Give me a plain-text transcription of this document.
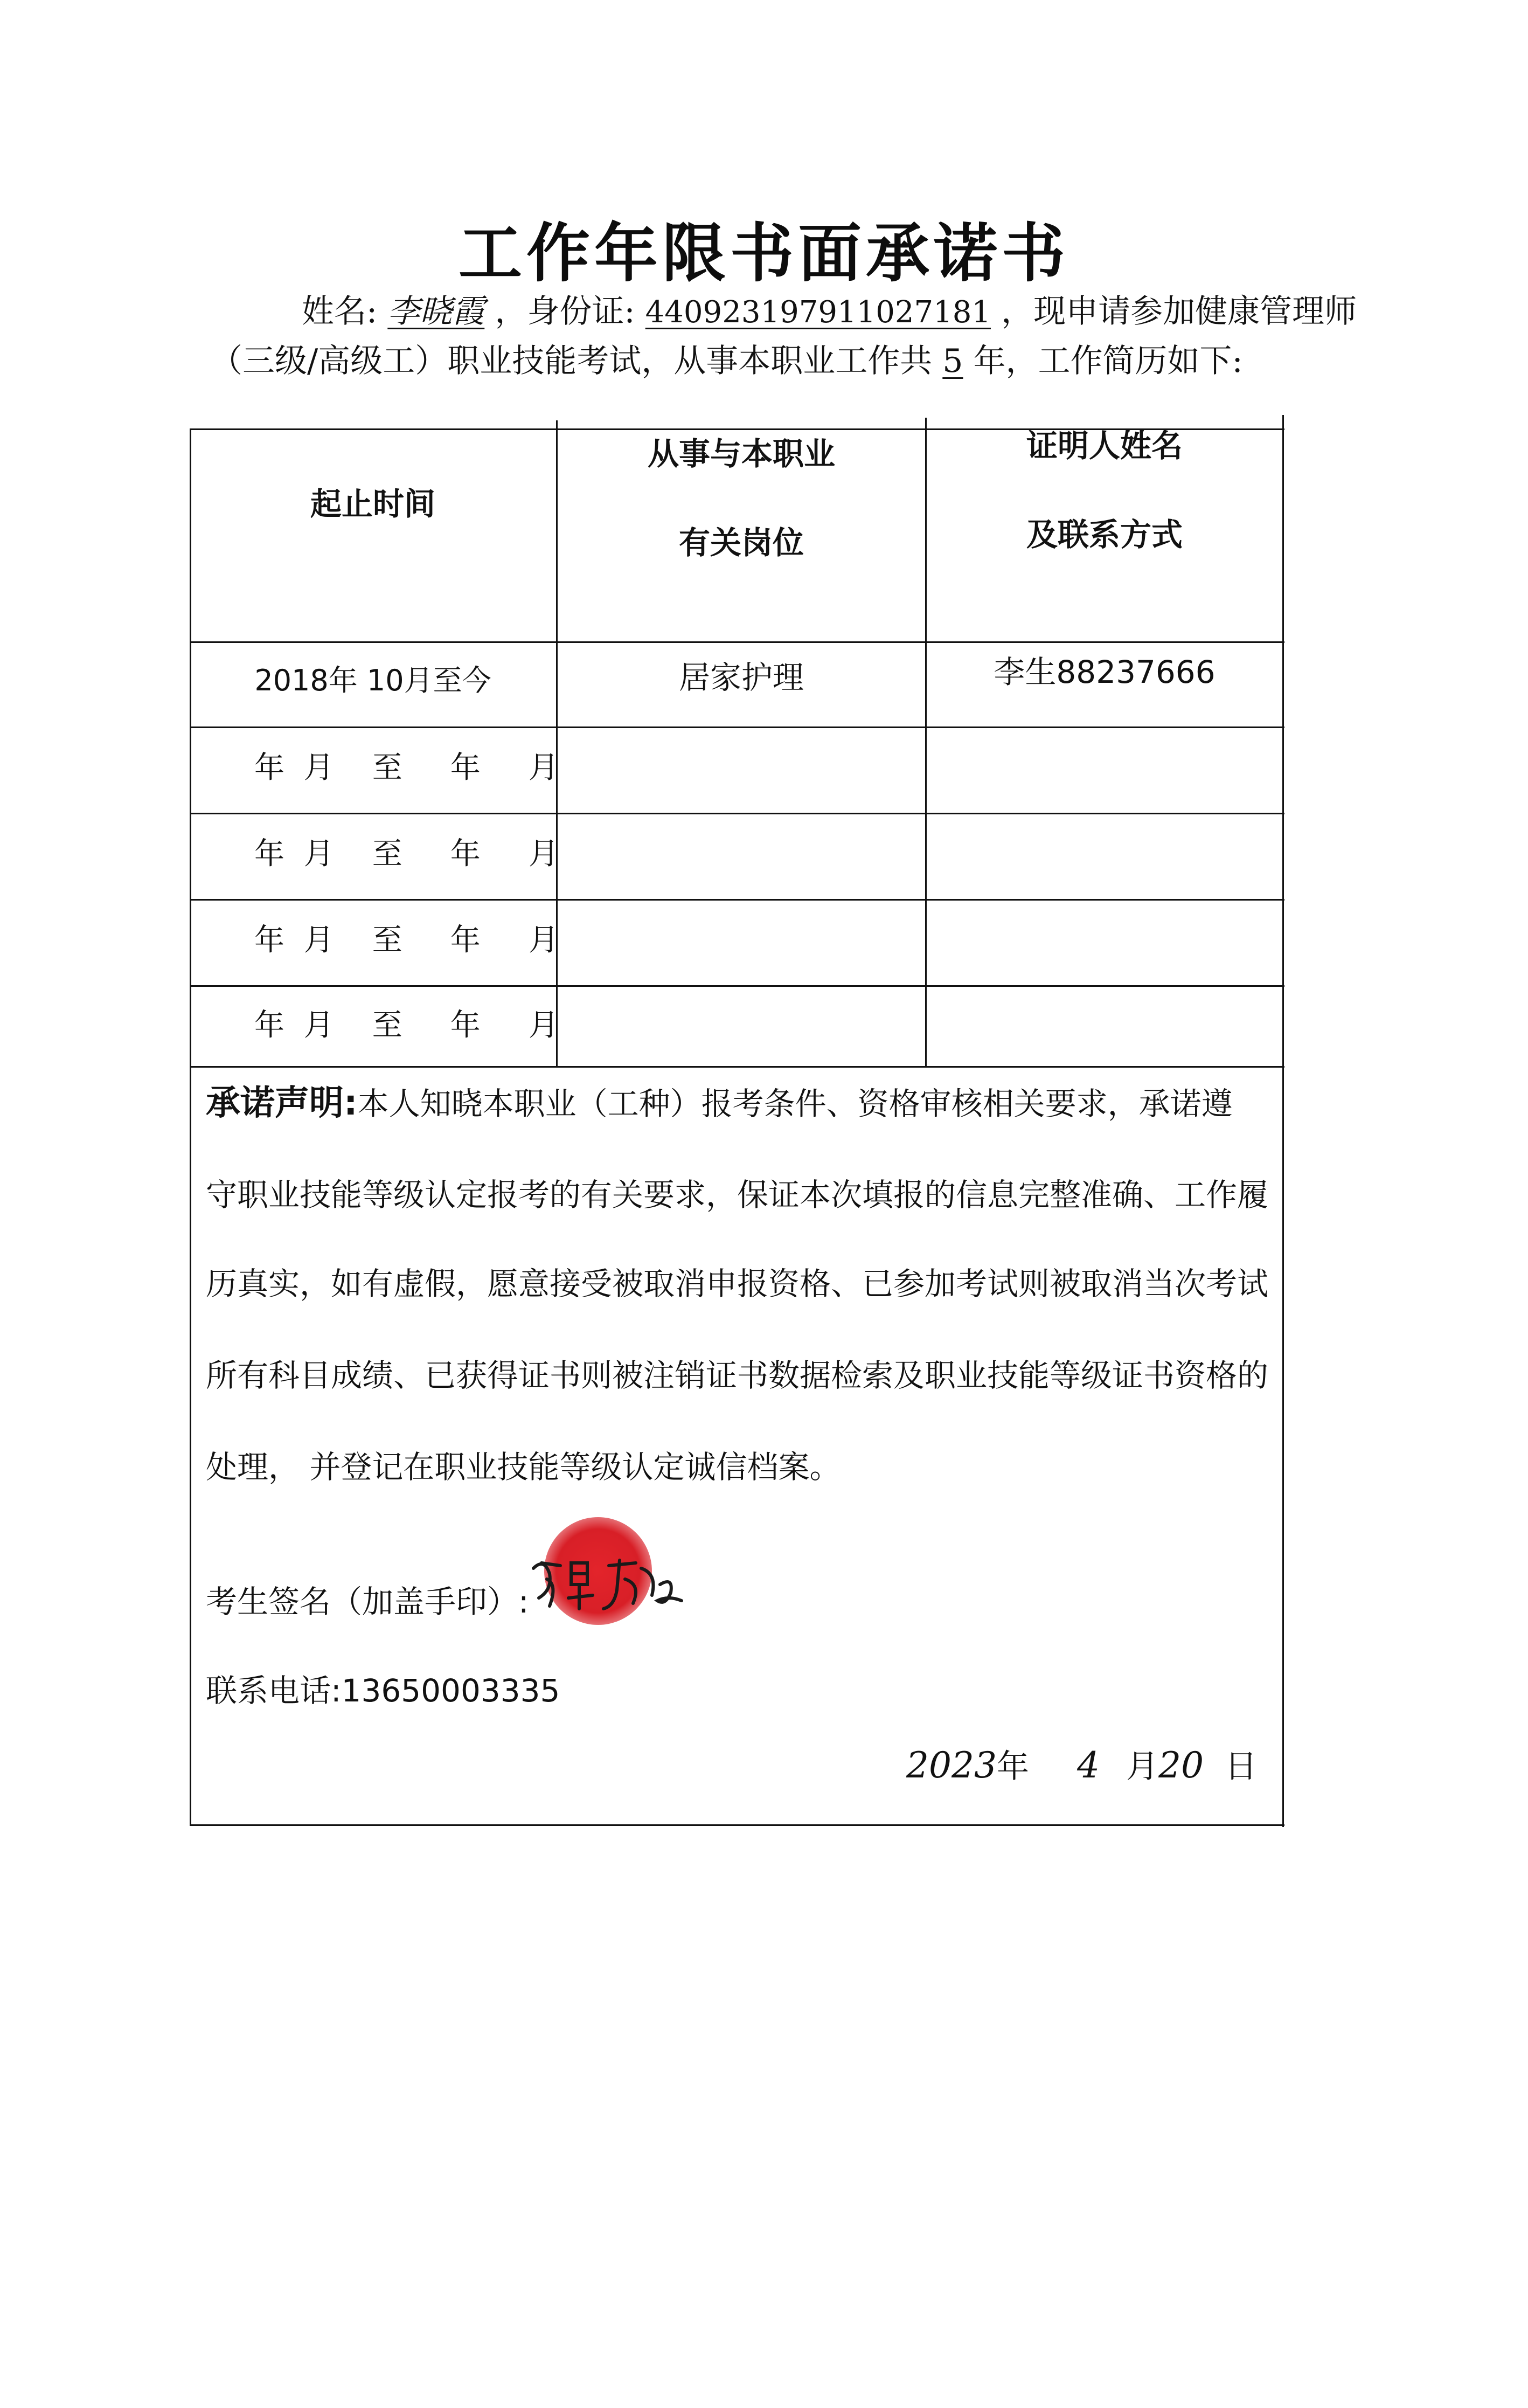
工作年限书面承诺书
姓名: 李晓霞 ，身份证: 440923197911027181 ，现申请参加健康管理师
（三级/高级工）职业技能考试，从事本职业工作共 5 年，工作简历如下:
起止时间
从事与本职业
有关岗位
证明人姓名
及联系方式
2018年 10月至今	居家护理	李生88237666
年  月    至     年     月
年  月    至     年     月
年  月    至     年     月
年  月    至     年     月
承诺声明:本人知晓本职业（工种）报考条件、资格审核相关要求，承诺遵
守职业技能等级认定报考的有关要求，保证本次填报的信息完整准确、工作履
历真实，如有虚假，愿意接受被取消申报资格、已参加考试则被取消当次考试
所有科目成绩、已获得证书则被注销证书数据检索及职业技能等级证书资格的
处理， 并登记在职业技能等级认定诚信档案。
考生签名（加盖手印）:
联系电话:13650003335
2023年 4 月20 日
